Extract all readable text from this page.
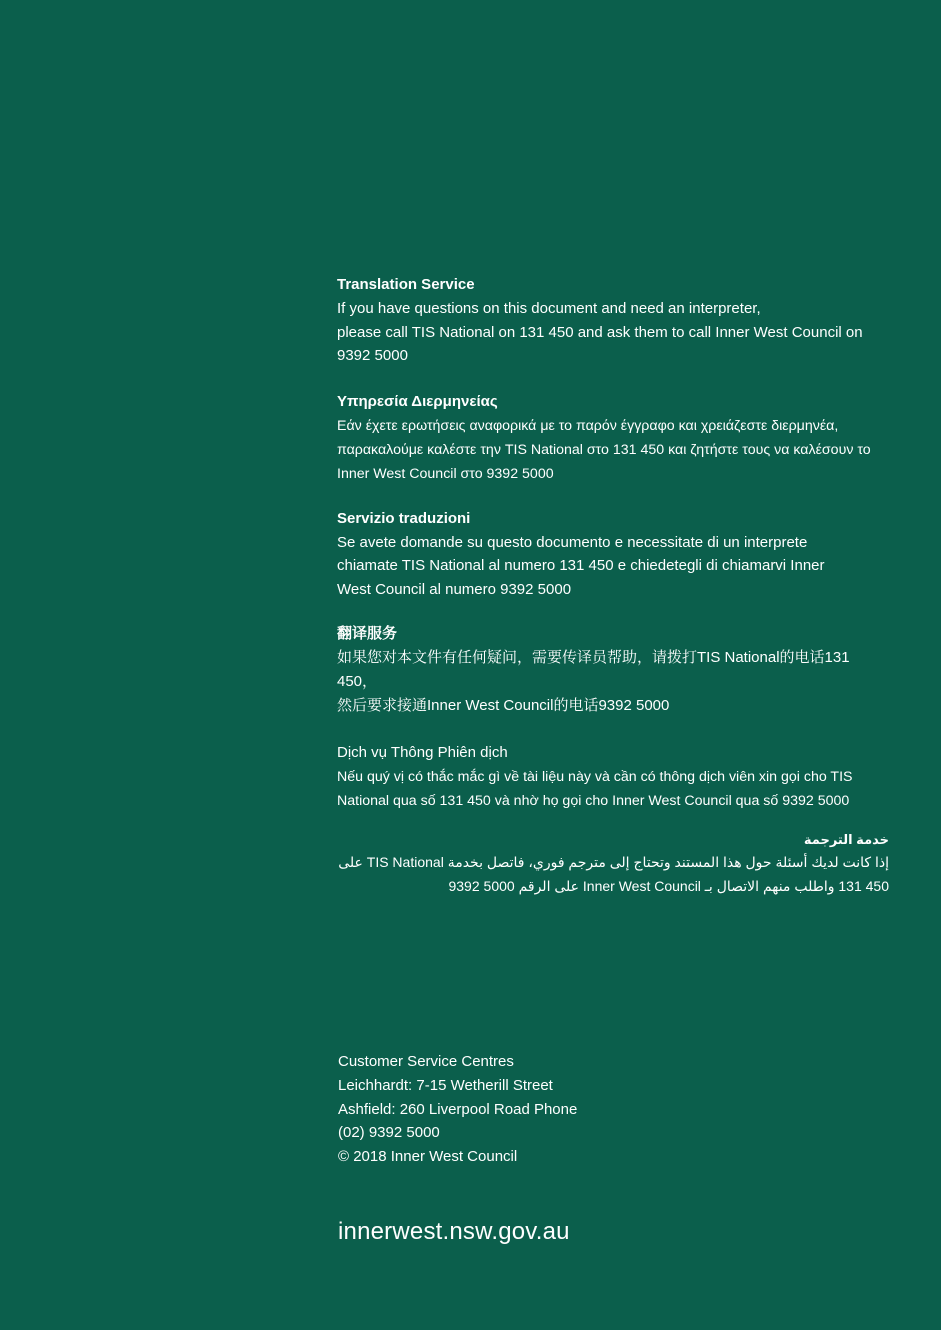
Translation Service

If you have questions on this document and need an interpreter,

please call TIS National on 131 450 and ask them to call Inner West Council on

9392 5000

Υπηρεσία Διερμηνείας

Εάν έχετε ερωτήσεις αναφορικά με το παρόν έγγραφο και χρειάζεστε διερμηνέα,

παρακαλούμε καλέστε την TIS National στο 131 450 και ζητήστε τους να καλέσουν το

Inner West Council στο 9392 5000

Servizio traduzioni

Se avete domande su questo documento e necessitate di un interprete

chiamate TIS National al numero 131 450 e chiedetegli di chiamarvi Inner

West Council al numero 9392 5000

翻译服务

如果您对本文件有任何疑问，需要传译员帮助，请拨打TIS National的电话131 450，

然后要求接通Inner West Council的电话9392 5000

Dịch vụ Thông Phiên dịch

Nếu quý vị có thắc mắc gì về tài liệu này và cần có thông dịch viên xin gọi cho TIS

National qua số 131 450 và nhờ họ gọi cho Inner West Council qua số 9392 5000

خدمة الترجمة

إذا كانت لديك أسئلة حول هذا المستند وتحتاج إلى مترجم فوري، فاتصل بخدمة TIS National على

450 131 واطلب منهم الاتصال بـ Inner West Council على الرقم 5000 9392

Customer Service Centres

Leichhardt: 7-15 Wetherill Street

Ashfield: 260 Liverpool Road Phone

(02) 9392 5000

© 2018 Inner West Council

innerwest.nsw.gov.au
